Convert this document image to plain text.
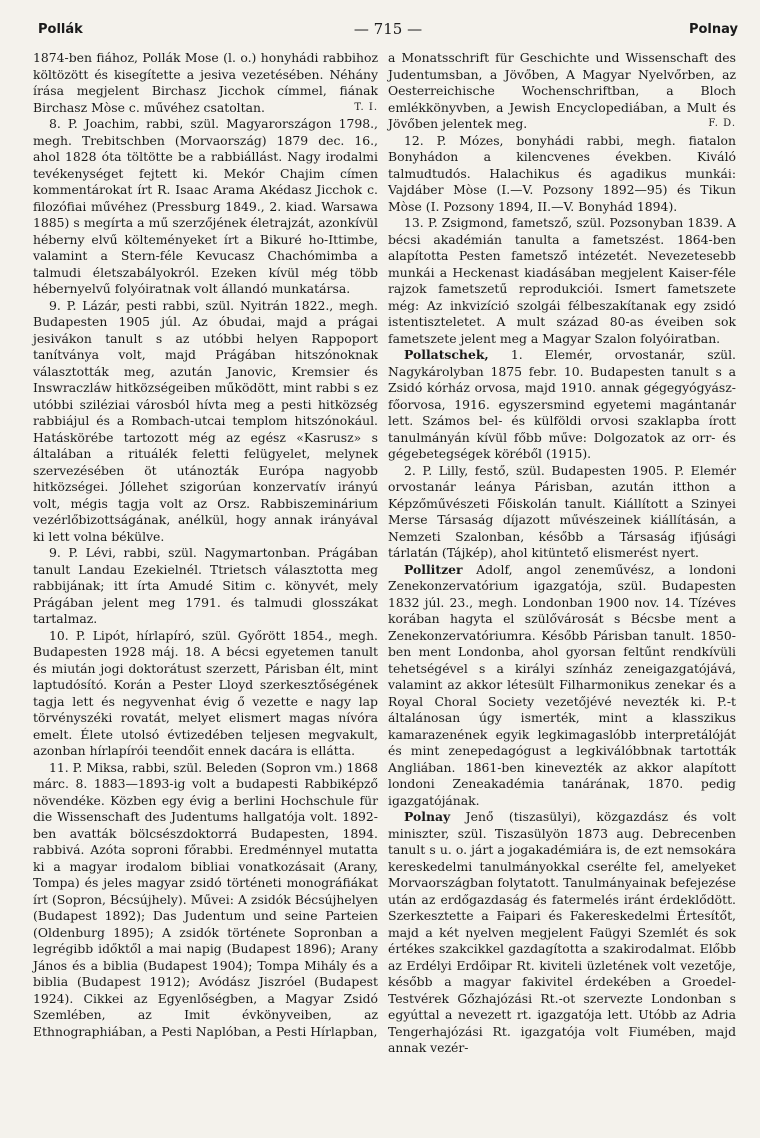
Pollák	— 715 —	Polnay

1874-ben fiához, Pollák Mose (l. o.) honyhádi rabbihoz költözött és kisegítette a jesiva vezetésében. Néhány írása megjelent Birchasz Jicchok címmel, fiának Birchasz Mòse c. művéhez csatoltan.	T. I.

8. P. Joachim, rabbi, szül. Magyarországon 1798., megh. Trebitschben (Morvaország) 1879 dec. 16., ahol 1828 óta töltötte be a rabbiállást. Nagy irodalmi tevékenységet fejtett ki. Mekór Chajim címen kommentárokat írt R. Isaac Arama Akédasz Jicchok c. filozófiai művéhez (Pressburg 1849., 2. kiad. Warsawa 1885) s megírta a mű szerzőjének életrajzát, azonkívül héberny elvű költeményeket írt a Bikuré ho-Ittimbe, valamint a Stern-féle Kevucasz Chachómimba a talmudi életszabályokról. Ezeken kívül még több hébernyelvű folyóiratnak volt állandó munkatársa.

9. P. Lázár, pesti rabbi, szül. Nyitrán 1822., megh. Budapesten 1905 júl. Az óbudai, majd a prágai jesivákon tanult s az utóbbi helyen Rappoport tanítványa volt, majd Prágában hitszónoknak választották meg, azután Janovic, Kremsier és Inswraczláw hitközségeiben működött, mint rabbi s ez utóbbi sziléziai városból hívta meg a pesti hitközség rabbiájul és a Rombach-utcai templom hitszónokául. Hatáskörébe tartozott még az egész «Kasrusz» s általában a rituálék feletti felügyelet, melynek szervezésében öt utánozták Európa nagyobb hitközségei. Jóllehet szigorúan konzervatív irányú volt, mégis tagja volt az Orsz. Rabbiszeminárium vezérlőbizottságának, anélkül, hogy annak irányával ki lett volna békülve.

9. P. Lévi, rabbi, szül. Nagymartonban. Prágában tanult Landau Ezekielnél. Ttrietsch választotta meg rabbijának; itt írta Amudé Sitim c. könyvét, mely Prágában jelent meg 1791. és talmudi glosszákat tartalmaz.

10. P. Lipót, hírlapíró, szül. Győrött 1854., megh. Budapesten 1928 máj. 18. A bécsi egyetemen tanult és miután jogi doktorátust szerzett, Párisban élt, mint laptudósító. Korán a Pester Lloyd szerkesztőségének tagja lett és negyvenhat évig ő vezette e nagy lap törvényszéki rovatát, melyet elismert magas nívóra emelt. Élete utolsó évtizedében teljesen megvakult, azonban hírlapírói teendőit ennek dacára is ellátta.

11. P. Miksa, rabbi, szül. Beleden (Sopron vm.) 1868 márc. 8. 1883—1893-ig volt a budapesti Rabbiképző növendéke. Közben egy évig a berlini Hochschule für die Wissenschaft des Judentums hallgatója volt. 1892-ben avatták bölcsészdoktorrá Budapesten, 1894. rabbivá. Azóta soproni főrabbi. Eredménnyel mutatta ki a magyar irodalom bibliai vonatkozásait (Arany, Tompa) és jeles magyar zsidó történeti monográfiákat írt (Sopron, Bécsújhely). Művei: A zsidók Bécsújhelyen (Budapest 1892); Das Judentum und seine Parteien (Oldenburg 1895); A zsidók története Sopronban a legrégibb időktől a mai napig (Budapest 1896); Arany János és a biblia (Budapest 1904); Tompa Mihály és a biblia (Budapest 1912); Avódász Jiszróel (Budapest 1924). Cikkei az Egyenlőségben, a Magyar Zsidó Szemlében, az Imit évkönyveiben, az Ethnographiában, a Pesti Naplóban, a Pesti Hírlapban,

a Monatsschrift für Geschichte und Wissenschaft des Judentumsban, a Jövőben, A Magyar Nyelvőrben, az Oesterreichische Wochenschriftban, a Bloch emlékkönyvben, a Jewish Encyclopediában, a Mult és Jövőben jelentek meg.	F. D.

12. P. Mózes, bonyhádi rabbi, megh. fiatalon Bonyhádon a kilencvenes években. Kiváló talmudtudós. Halachikus és agadikus munkái: Vajdáber Mòse (I.—V. Pozsony 1892—95) és Tikun Mòse (I. Pozsony 1894, II.—V. Bonyhád 1894).

13. P. Zsigmond, fametsző, szül. Pozsonyban 1839. A bécsi akadémián tanulta a fametszést. 1864-ben alapította Pesten fametsző intézetét. Nevezetesebb munkái a Heckenast kiadásában megjelent Kaiser-féle rajzok fametszetű reprodukciói. Ismert fametszete még: Az inkvizíció szolgái félbeszakítanak egy zsidó istentiszteletet. A mult század 80-as éveiben sok fametszete jelent meg a Magyar Szalon folyóiratban.

Pollatschek, 1. Elemér, orvostanár, szül. Nagykárolyban 1875 febr. 10. Budapesten tanult s a Zsidó kórház orvosa, majd 1910. annak gégegyógyász-főorvosa, 1916. egyszersmind egyetemi magántanár lett. Számos bel- és külföldi orvosi szaklapba írott tanulmányán kívül főbb műve: Dolgozatok az orr- és gégebetegségek köréből (1915).

2. P. Lilly, festő, szül. Budapesten 1905. P. Elemér orvostanár leánya Párisban, azután itthon a Képzőművészeti Főiskolán tanult. Kiállított a Szinyei Merse Társaság díjazott művészeinek kiállításán, a Nemzeti Szalonban, később a Társaság ifjúsági tárlatán (Tájkép), ahol kitüntető elismerést nyert.

Pollitzer Adolf, angol zeneművész, a londoni Zenekonzervatórium igazgatója, szül. Budapesten 1832 júl. 23., megh. Londonban 1900 nov. 14. Tízéves korában hagyta el szülővárosát s Bécsbe ment a Zenekonzervatóriumra. Később Párisban tanult. 1850-ben ment Londonba, ahol gyorsan feltűnt rendkívüli tehetségével s a királyi színház zeneigazgatójává, valamint az akkor létesült Filharmonikus zenekar és a Royal Choral Society vezetőjévé nevezték ki. P.-t általánosan úgy ismerték, mint a klasszikus kamarazenének egyik legkimagaslóbb interpretálóját és mint zenepedagógust a legkiválóbbnak tartották Angliában. 1861-ben kinevezték az akkor alapított londoni Zeneakadémia tanárának, 1870. pedig igazgatójának.

Polnay Jenő (tiszasülyi), közgazdász és volt miniszter, szül. Tiszasülyön 1873 aug. Debrecenben tanult s u. o. járt a jogakadémiára is, de ezt nemsokára kereskedelmi tanulmányokkal cserélte fel, amelyeket Morvaországban folytatott. Tanulmányainak befejezése után az erdőgazdaság és fatermelés iránt érdeklődött. Szerkesztette a Faipari és Fakereskedelmi Értesítőt, majd a két nyelven megjelent Faügyi Szemlét és sok értékes szakcikkel gazdagította a szakirodalmat. Előbb az Erdélyi Erdőipar Rt. kiviteli üzletének volt vezetője, később a magyar fakivitel érdekében a Groedel-Testvérek Gőzhajózási Rt.-ot szervezte Londonban s egyúttal a nevezett rt. igazgatója lett. Utóbb az Adria Tengerhajózási Rt. igazgatója volt Fiumében, majd annak vezér-
